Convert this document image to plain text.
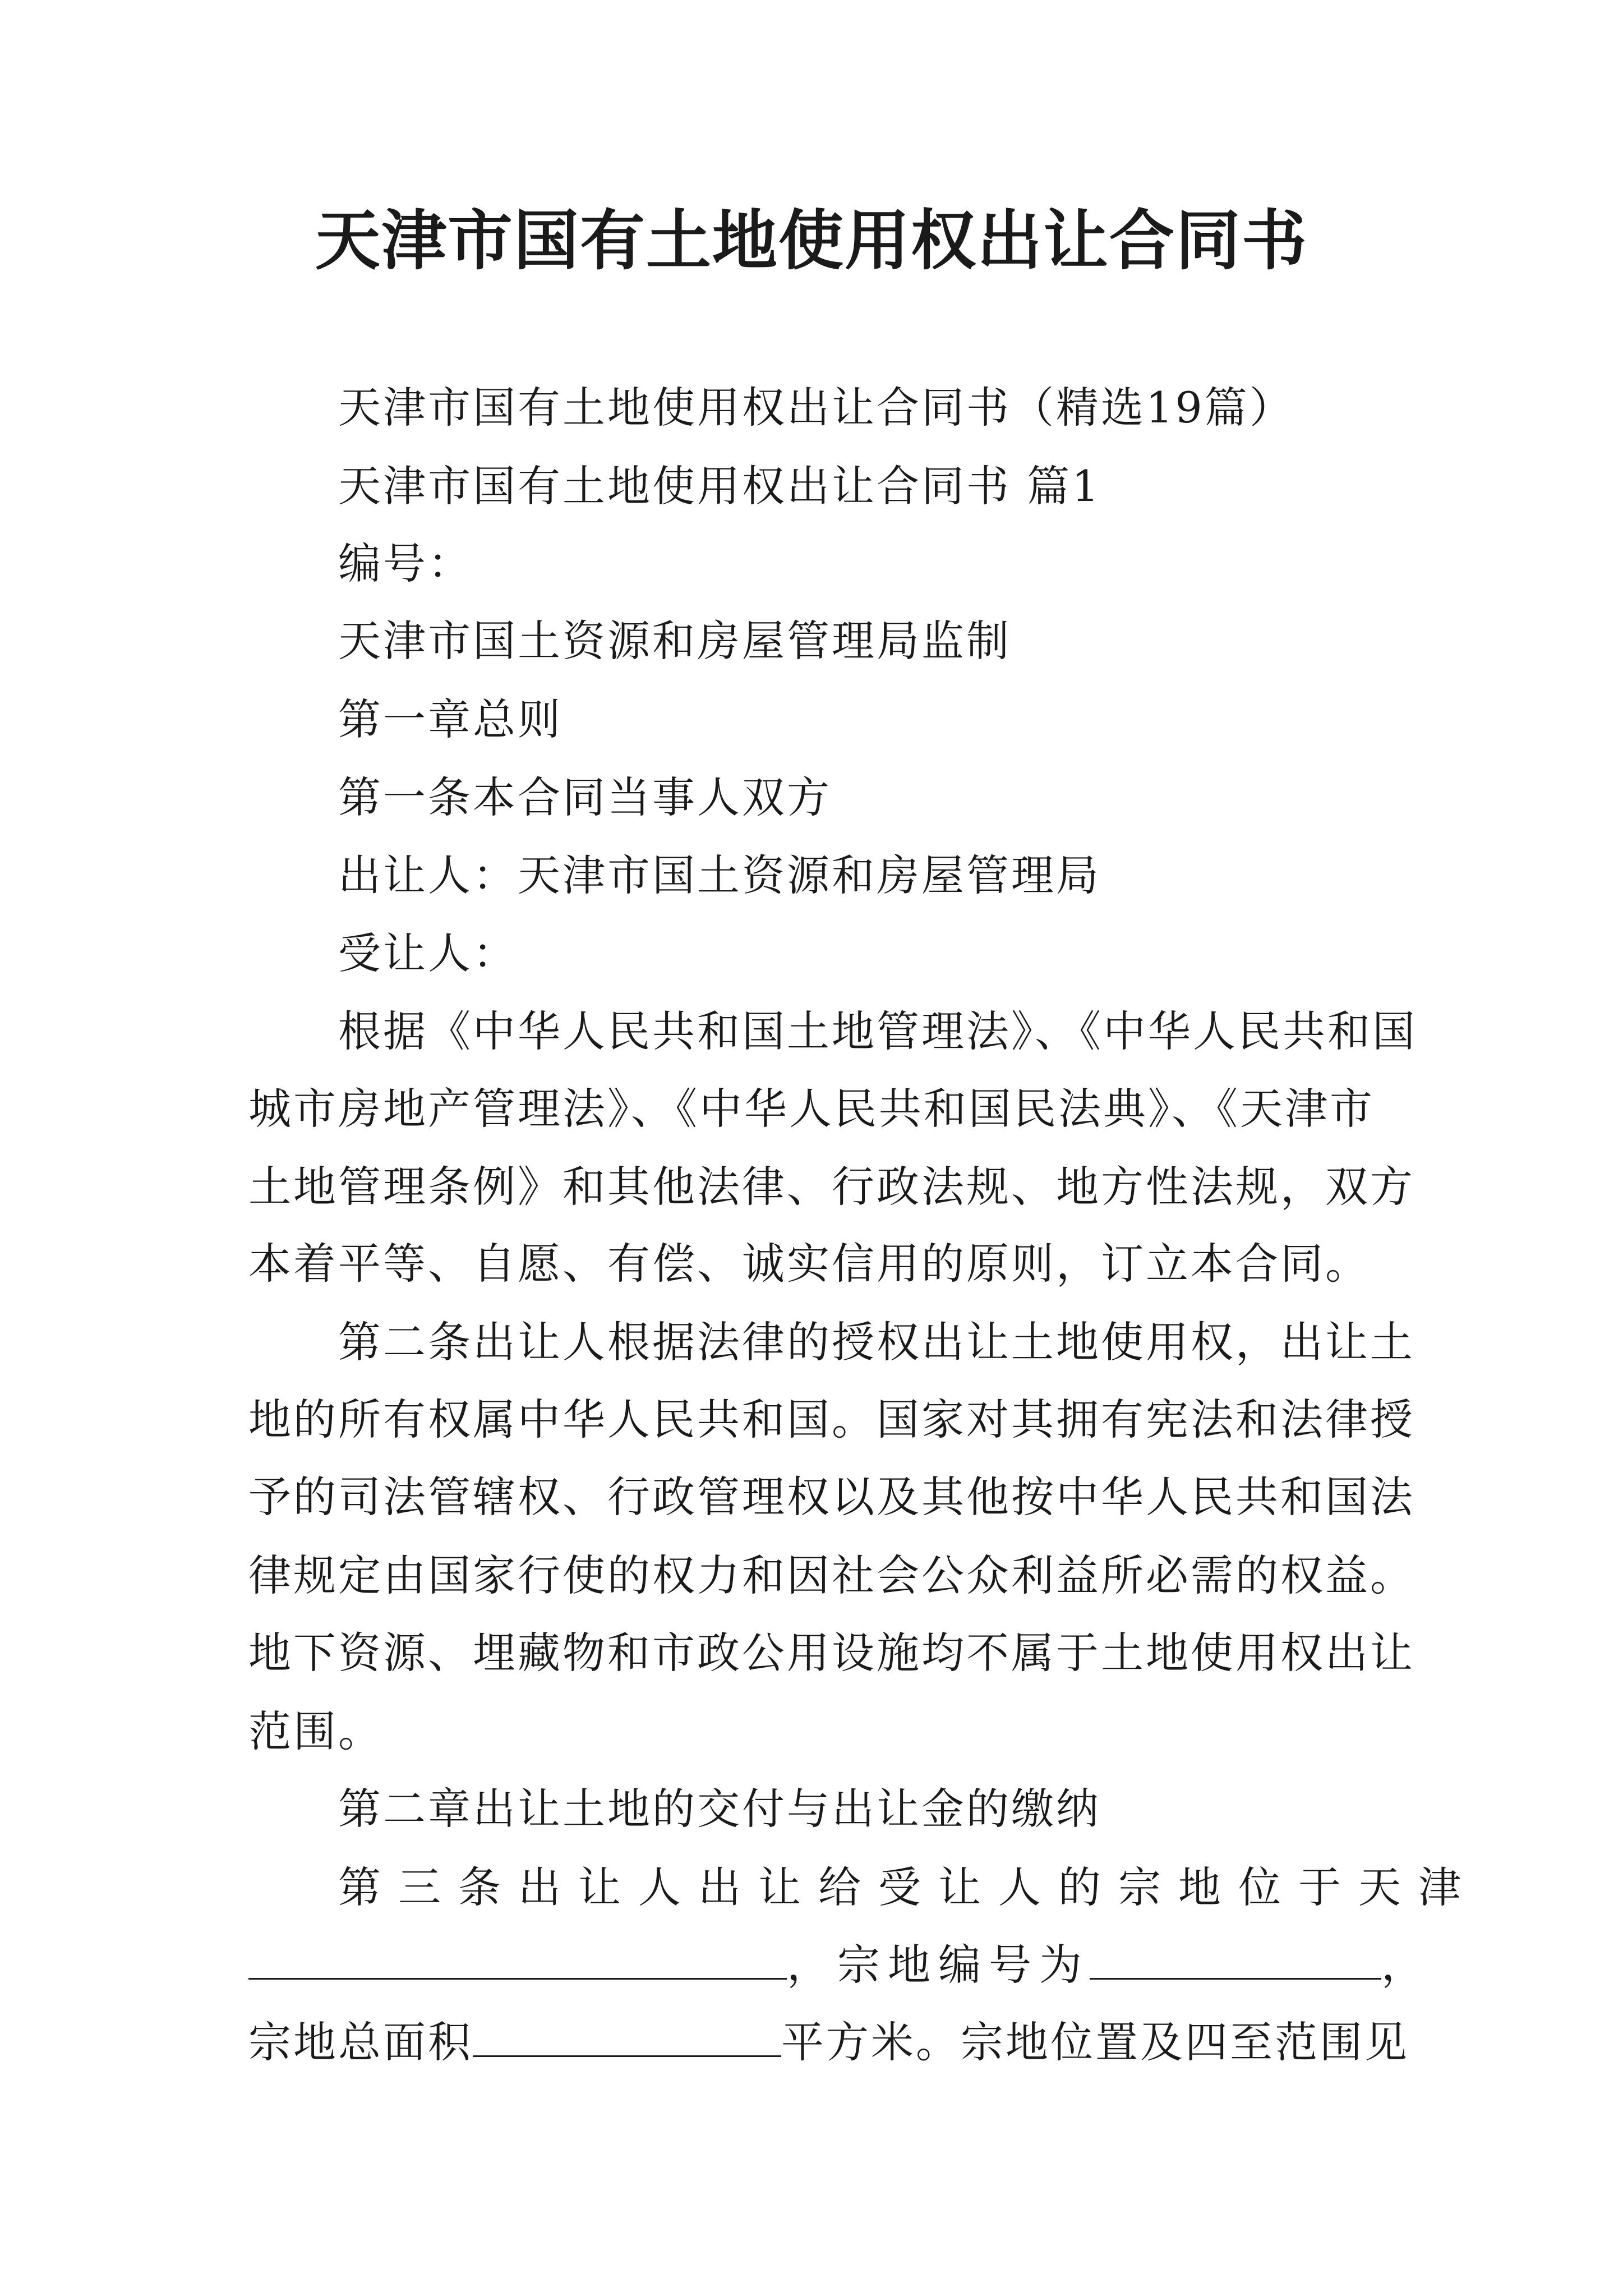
天津市国有土地使用权出让合同书
天津市国有土地使用权出让合同书（精选19篇）
天津市国有土地使用权出让合同书 篇1
编号：
天津市国土资源和房屋管理局监制
第一章总则
第一条本合同当事人双方
出让人：天津市国土资源和房屋管理局
受让人：
根据《中华人民共和国土地管理法》、《中华人民共和国
城市房地产管理法》、《中华人民共和国民法典》、《天津市
土地管理条例》和其他法律、行政法规、地方性法规，双方
本着平等、自愿、有偿、诚实信用的原则，订立本合同。
第二条出让人根据法律的授权出让土地使用权，出让土
地的所有权属中华人民共和国。国家对其拥有宪法和法律授
予的司法管辖权、行政管理权以及其他按中华人民共和国法
律规定由国家行使的权力和因社会公众利益所必需的权益。
地下资源、埋藏物和市政公用设施均不属于土地使用权出让
范围。
第二章出让土地的交付与出让金的缴纳
第三条出让人出让给受让人的宗地位于天津
，宗地编号为	，
宗地总面积	平方米。宗地位置及四至范围见
